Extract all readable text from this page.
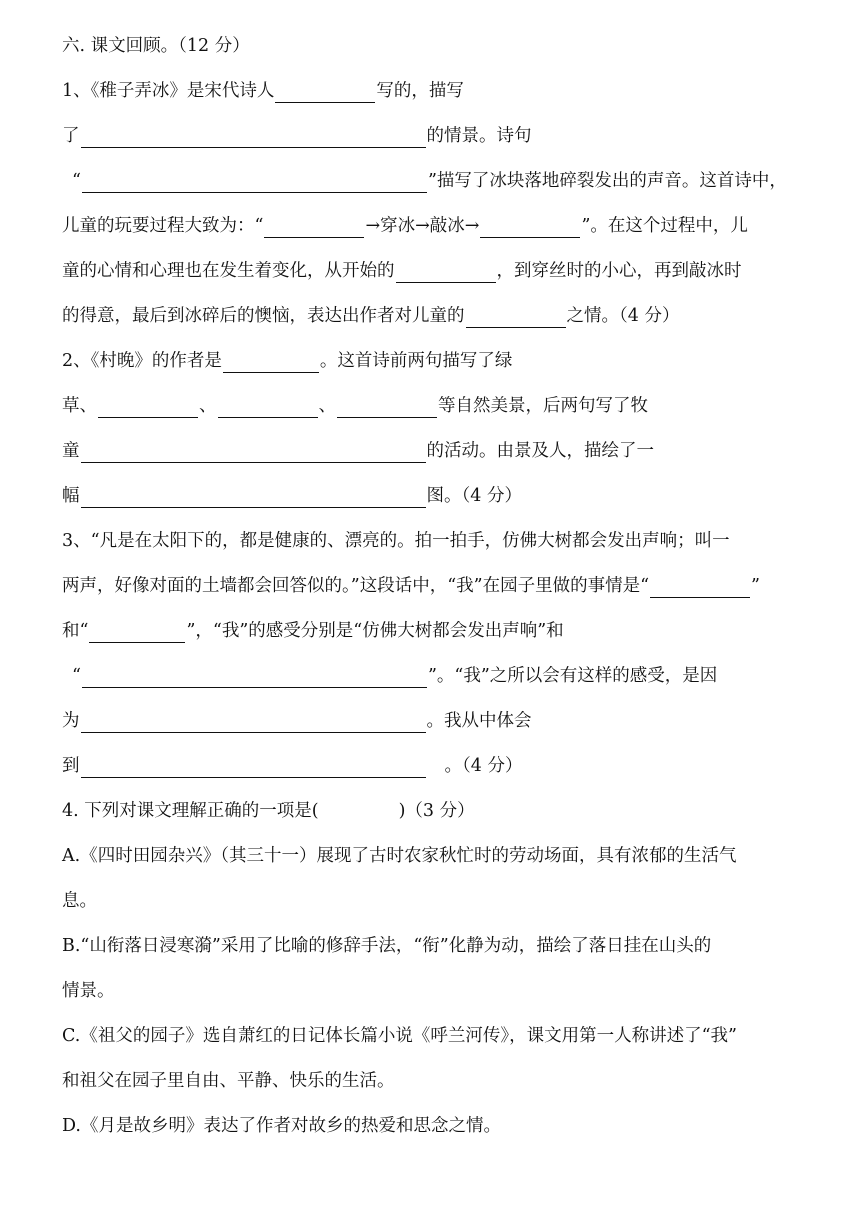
六. 课文回顾。（12 分）
1、《稚子弄冰》是宋代诗人	写的，描写
了	的情景。诗句
“	”描写了冰块落地碎裂发出的声音。这首诗中，
儿童的玩要过程大致为：“	→穿冰→敲冰→	”。在这个过程中，儿
童的心情和心理也在发生着变化，从开始的	，到穿丝时的小心，再到敲冰时
的得意，最后到冰碎后的懊恼，表达出作者对儿童的	之情。（4 分）
2、《村晚》的作者是	。这首诗前两句描写了绿
草、	、	、	等自然美景，后两句写了牧
童	的活动。由景及人，描绘了一
幅	图。（4 分）
3、“凡是在太阳下的，都是健康的、漂亮的。拍一拍手，仿佛大树都会发出声响；叫一
两声，好像对面的土墙都会回答似的。”这段话中，“我”在园子里做的事情是“	”
和“	”，“我”的感受分别是“仿佛大树都会发出声响”和
“	”。“我”之所以会有这样的感受，是因
为	。我从中体会
到	。（4 分）
4. 下列对课文理解正确的一项是(	)（3 分）
A.《四时田园杂兴》（其三十一）展现了古时农家秋忙时的劳动场面，具有浓郁的生活气
息。
B.“山衔落日浸寒漪”采用了比喻的修辞手法，“衔”化静为动，描绘了落日挂在山头的
情景。
C.《祖父的园子》选自萧红的日记体长篇小说《呼兰河传》，课文用第一人称讲述了“我”
和祖父在园子里自由、平静、快乐的生活。
D.《月是故乡明》表达了作者对故乡的热爱和思念之情。
